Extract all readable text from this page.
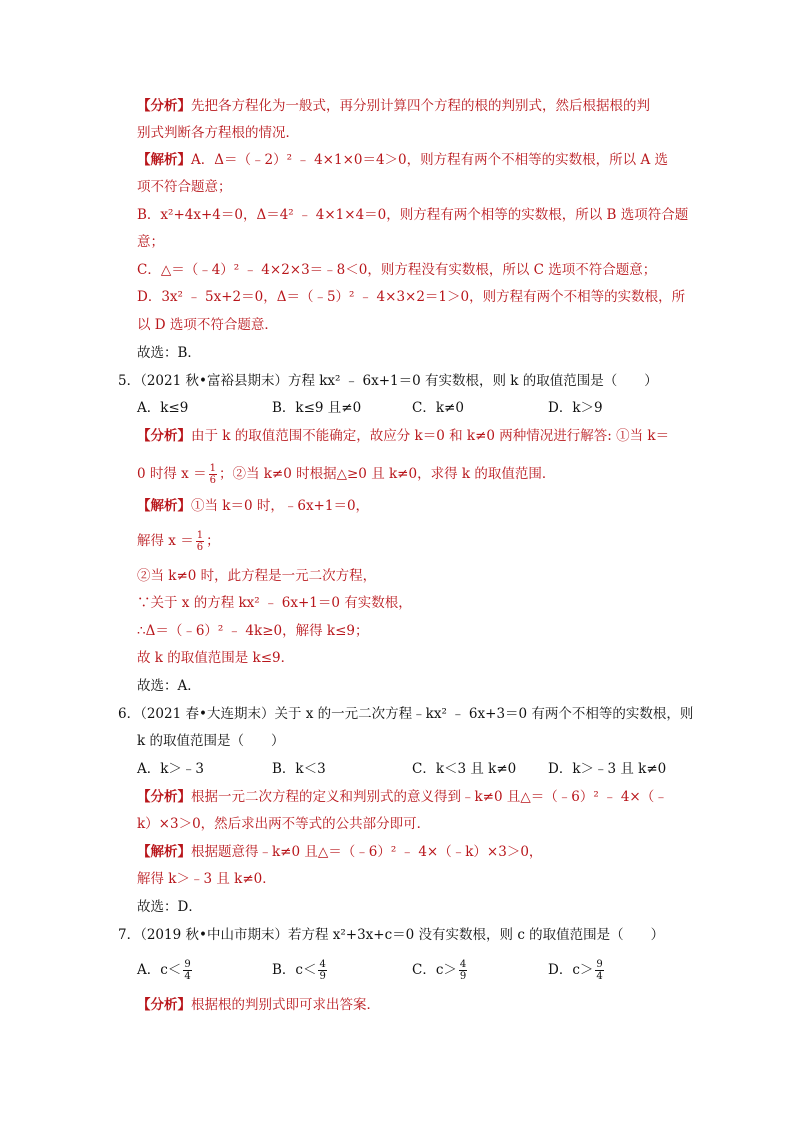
【分析】先把各方程化为一般式，再分别计算四个方程的根的判别式，然后根据根的判
别式判断各方程根的情况．
【解析】A．Δ＝（﹣2）² ﹣ 4×1×0＝4＞0，则方程有两个不相等的实数根，所以 A 选
项不符合题意；
B．x²+4x+4＝0，Δ＝4² ﹣ 4×1×4＝0，则方程有两个相等的实数根，所以 B 选项符合题
意；
C．△＝（﹣4）² ﹣ 4×2×3＝﹣8＜0，则方程没有实数根，所以 C 选项不符合题意；
D．3x² ﹣ 5x+2＝0，Δ＝（﹣5）² ﹣ 4×3×2＝1＞0，则方程有两个不相等的实数根，所
以 D 选项不符合题意．
故选：B．
5．（2021 秋•富裕县期末）方程 kx² ﹣ 6x+1＝0 有实数根，则 k 的取值范围是（　　）
A．k≤9	B．k≤9 且≠0	C．k≠0	D．k＞9
【分析】由于 k 的取值范围不能确定，故应分 k＝0 和 k≠0 两种情况进行解答: ①当 k＝
0 时得 $x = \frac{1}{6}$ ；②当 k≠0 时根据△≥0 且 k≠0，求得 k 的取值范围．
【解析】①当 k＝0 时，﹣6x+1＝0，
解得 $x = \frac{1}{6}$ ；
②当 k≠0 时，此方程是一元二次方程，
∵关于 x 的方程 kx² ﹣ 6x+1＝0 有实数根，
∴Δ＝（﹣6）² ﹣ 4k≥0，解得 k≤9；
故 k 的取值范围是 k≤9．
故选：A．
6．（2021 春•大连期末）关于 x 的一元二次方程﹣kx² ﹣ 6x+3＝0 有两个不相等的实数根，则
k 的取值范围是（　　）
A．k＞﹣3	B．k＜3	C．k＜3 且 k≠0 D．k＞﹣3 且 k≠0
【分析】根据一元二次方程的定义和判别式的意义得到﹣k≠0 且△＝（﹣6）² ﹣ 4×（﹣
k）×3＞0，然后求出两不等式的公共部分即可．
【解析】根据题意得﹣k≠0 且△＝（﹣6）² ﹣ 4×（﹣k）×3＞0，
解得 k＞﹣3 且 k≠0．
故选：D．
7．（2019 秋•中山市期末）若方程 x²+3x+c＝0 没有实数根，则 c 的取值范围是（　　）
A．$c< \frac{9}{4}$	B．$c< \frac{4}{9}$	C．$c> \frac{4}{9}$	D．$c> \frac{9}{4}$
【分析】根据根的判别式即可求出答案．
